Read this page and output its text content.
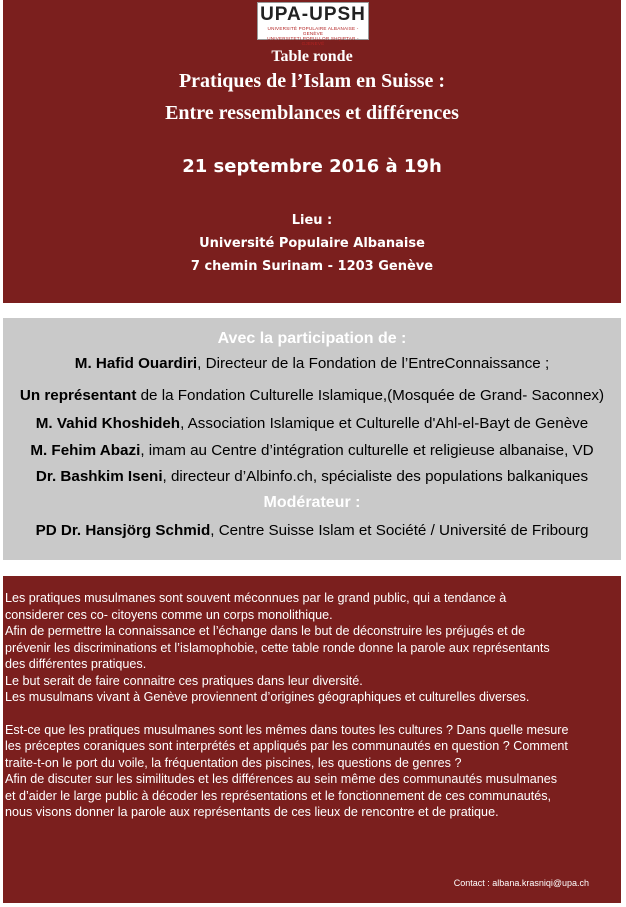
UPA-UPSH
UNIVERSITÉ POPULAIRE ALBANAISE - GENÈVE
UNIVERSITETI POPULLOR SHQIPTAR - GJENEVË
Table ronde
Pratiques de l’Islam en Suisse :
Entre ressemblances et différences
21 septembre 2016 à 19h
Lieu :
Université Populaire Albanaise
7 chemin Surinam - 1203 Genève
Avec la participation de :
M. Hafid Ouardiri, Directeur de la Fondation de l’EntreConnaissance ;
Un représentant de la Fondation Culturelle Islamique,(Mosquée de Grand- Saconnex)
M. Vahid Khoshideh, Association Islamique et Culturelle d'Ahl-el-Bayt de Genève
M. Fehim Abazi, imam au Centre d’intégration culturelle et religieuse albanaise, VD
Dr. Bashkim Iseni, directeur d’Albinfo.ch, spécialiste des populations balkaniques
Modérateur :
PD Dr. Hansjörg Schmid, Centre Suisse Islam et Société / Université de Fribourg

Les pratiques musulmanes sont souvent méconnues par le grand public, qui a tendance à

considerer ces co- citoyens comme un corps monolithique.

Afin de permettre la connaissance et l’échange dans le but de déconstruire les préjugés et de

prévenir les discriminations et l’islamophobie, cette table ronde donne la parole aux représentants

des différentes pratiques.

Le but serait de faire connaitre ces pratiques dans leur diversité.

Les musulmans vivant à Genève proviennent d’origines géographiques et culturelles diverses.

Est-ce que les pratiques musulmanes sont les mêmes dans toutes les cultures ? Dans quelle mesure

les préceptes coraniques sont interprétés et appliqués par les communautés en question ? Comment

traite-t-on le port du voile, la fréquentation des piscines, les questions de genres ?

Afin de discuter sur les similitudes et les différences au sein même des communautés musulmanes

et d’aider le large public à décoder les représentations et le fonctionnement de ces communautés,

nous visons donner la parole aux représentants de ces lieux de rencontre et de pratique.

Contact : albana.krasniqi@upa.ch
